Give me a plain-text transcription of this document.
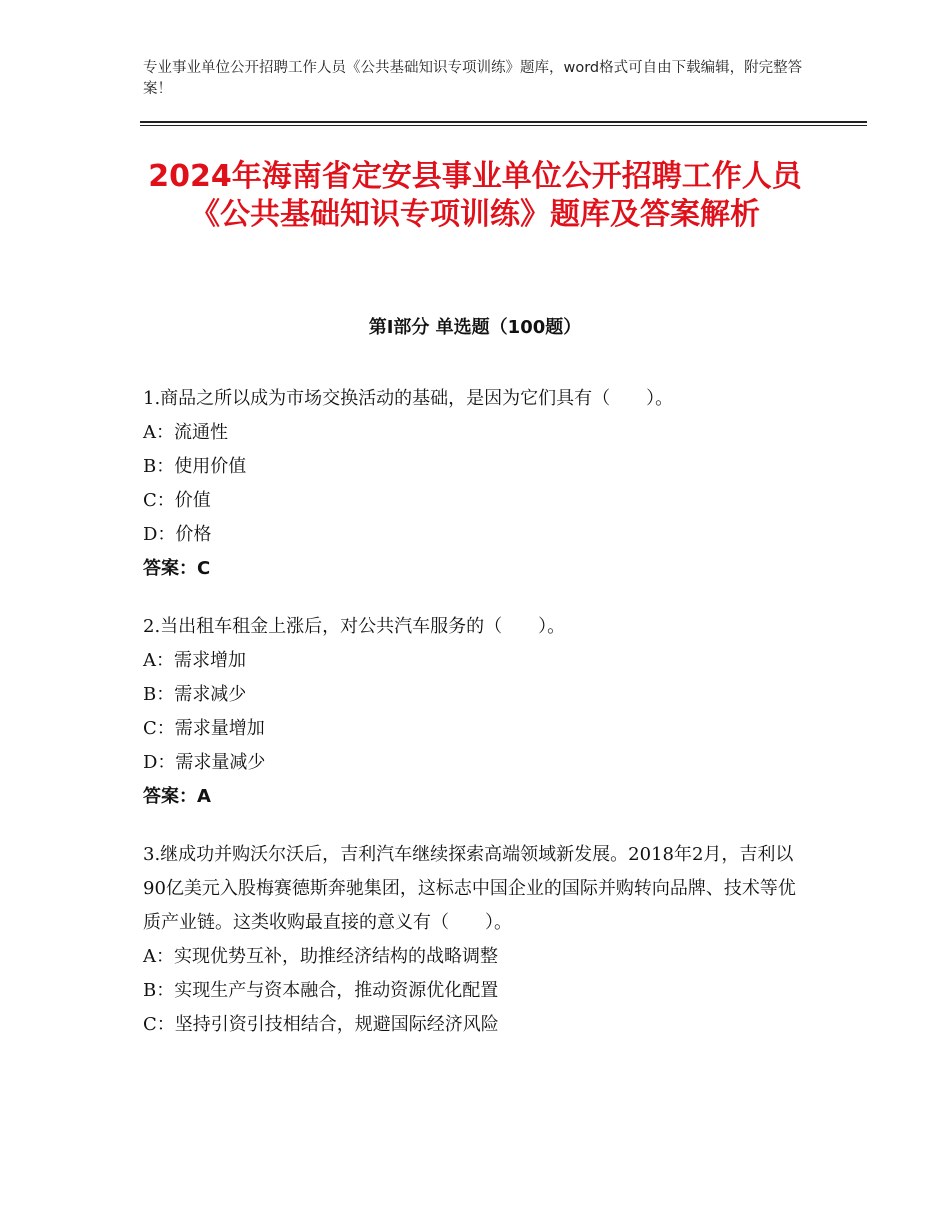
专业事业单位公开招聘工作人员《公共基础知识专项训练》题库，word格式可自由下载编辑，附完整答案！
2024年海南省定安县事业单位公开招聘工作人员《公共基础知识专项训练》题库及答案解析
第Ⅰ部分 单选题（100题）

1.商品之所以成为市场交换活动的基础，是因为它们具有（　　）。

A：流通性

B：使用价值

C：价值

D：价格

答案：C

2.当出租车租金上涨后，对公共汽车服务的（　　）。

A：需求增加

B：需求减少

C：需求量增加

D：需求量减少

答案：A

3.继成功并购沃尔沃后，吉利汽车继续探索高端领域新发展。2018年2月，吉利以90亿美元入股梅赛德斯奔驰集团，这标志中国企业的国际并购转向品牌、技术等优质产业链。这类收购最直接的意义有（　　）。

A：实现优势互补，助推经济结构的战略调整

B：实现生产与资本融合，推动资源优化配置

C：坚持引资引技相结合，规避国际经济风险
